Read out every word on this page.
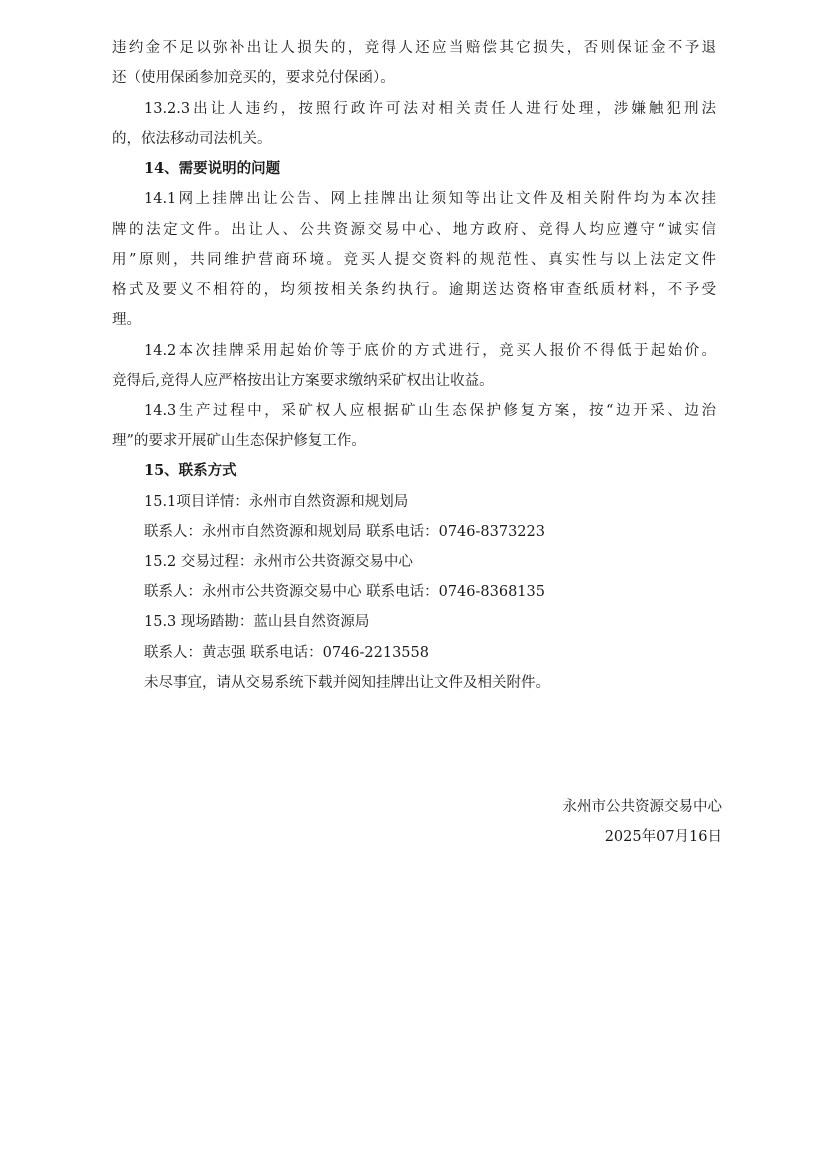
违约金不足以弥补出让人损失的，竞得人还应当赔偿其它损失，否则保证金不予退
还（使用保函参加竞买的，要求兑付保函）。
13.2.3出让人违约，按照行政许可法对相关责任人进行处理，涉嫌触犯刑法
的，依法移动司法机关。
14、需要说明的问题
14.1网上挂牌出让公告、网上挂牌出让须知等出让文件及相关附件均为本次挂
牌的法定文件。出让人、公共资源交易中心、地方政府、竞得人均应遵守“诚实信
用”原则，共同维护营商环境。竞买人提交资料的规范性、真实性与以上法定文件
格式及要义不相符的，均须按相关条约执行。逾期送达资格审查纸质材料，不予受
理。
14.2本次挂牌采用起始价等于底价的方式进行，竞买人报价不得低于起始价。
竞得后,竞得人应严格按出让方案要求缴纳采矿权出让收益。
14.3生产过程中，采矿权人应根据矿山生态保护修复方案，按“边开采、边治
理”的要求开展矿山生态保护修复工作。
15、联系方式
15.1项目详情：永州市自然资源和规划局
联系人：永州市自然资源和规划局 联系电话：0746-8373223
15.2 交易过程：永州市公共资源交易中心
联系人：永州市公共资源交易中心 联系电话：0746-8368135
15.3 现场踏勘：蓝山县自然资源局
联系人：黄志强 联系电话：0746-2213558
未尽事宜，请从交易系统下载并阅知挂牌出让文件及相关附件。
永州市公共资源交易中心
2025年07月16日
